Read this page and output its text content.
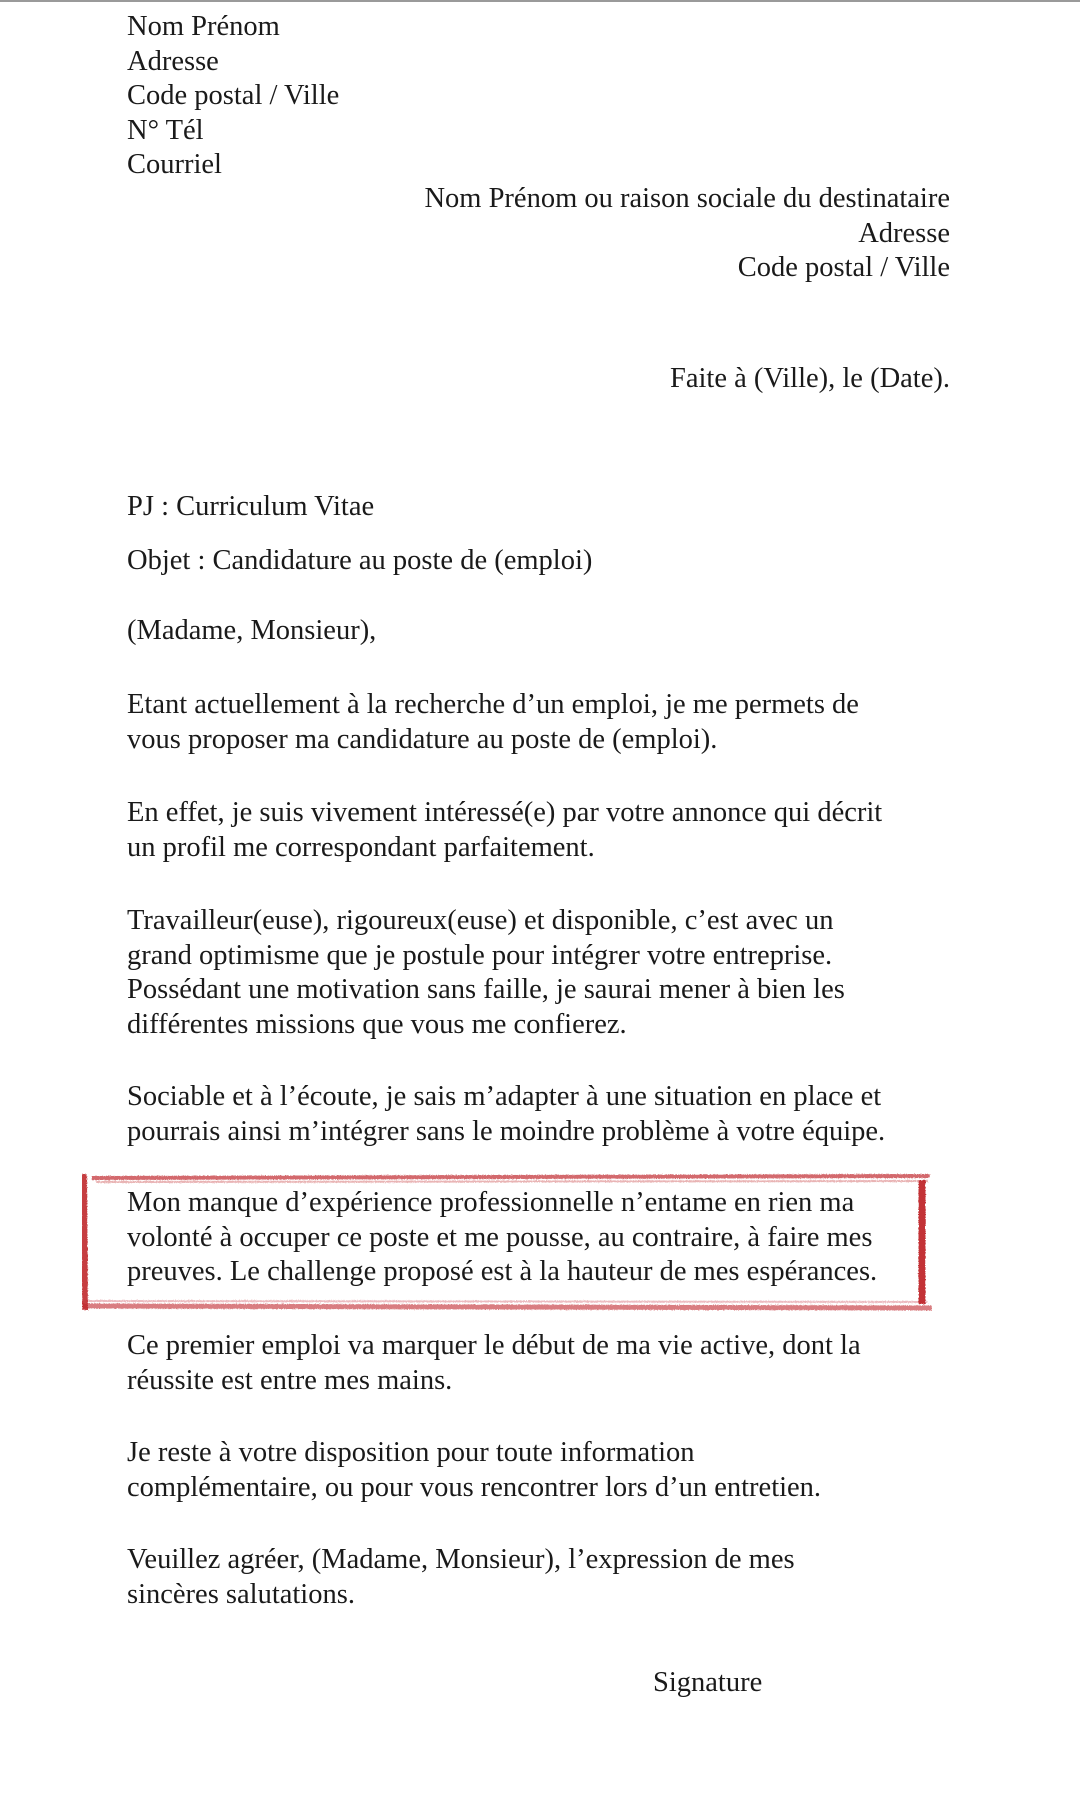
Nom Prénom
Adresse
Code postal / Ville
N° Tél
Courriel
Nom Prénom ou raison sociale du destinataire
Adresse
Code postal / Ville
Faite à (Ville), le (Date).
PJ : Curriculum Vitae
Objet : Candidature au poste de (emploi)
(Madame, Monsieur),
Etant actuellement à la recherche d’un emploi, je me permets de
vous proposer ma candidature au poste de (emploi).
En effet, je suis vivement intéressé(e) par votre annonce qui décrit
un profil me correspondant parfaitement.
Travailleur(euse), rigoureux(euse) et disponible, c’est avec un
grand optimisme que je postule pour intégrer votre entreprise.
Possédant une motivation sans faille, je saurai mener à bien les
différentes missions que vous me confierez.
Sociable et à l’écoute, je sais m’adapter à une situation en place et
pourrais ainsi m’intégrer sans le moindre problème à votre équipe.
Mon manque d’expérience professionnelle n’entame en rien ma
volonté à occuper ce poste et me pousse, au contraire, à faire mes
preuves. Le challenge proposé est à la hauteur de mes espérances.
Ce premier emploi va marquer le début de ma vie active, dont la
réussite est entre mes mains.
Je reste à votre disposition pour toute information
complémentaire, ou pour vous rencontrer lors d’un entretien.
Veuillez agréer, (Madame, Monsieur), l’expression de mes
sincères salutations.
Signature
